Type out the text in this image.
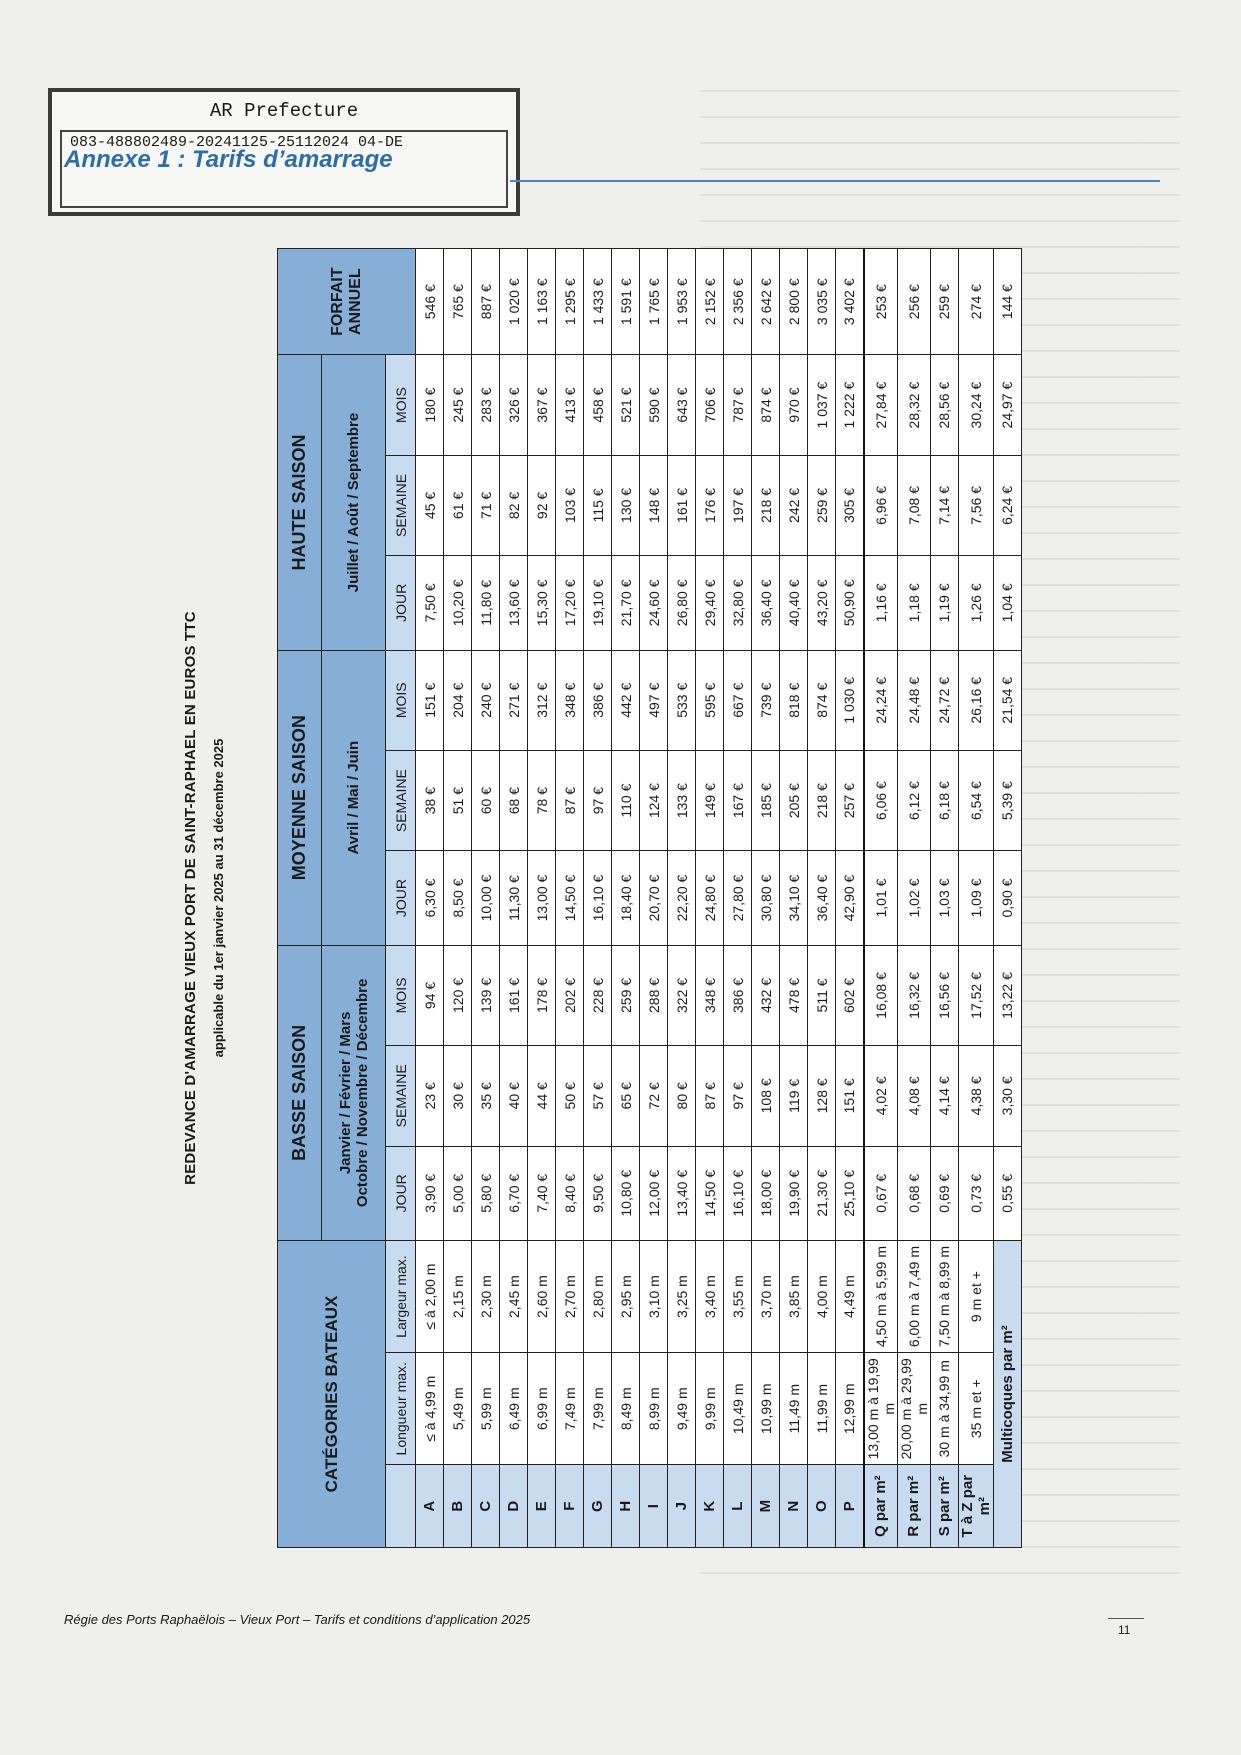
AR Prefecture
083-488802489-20241125-25112024 04-DE
Annexe 1 : Tarifs d’amarrage
REDEVANCE D'AMARRAGE VIEUX PORT DE SAINT-RAPHAEL EN EUROS TTC applicable du 1er janvier 2025 au 31 décembre 2025
CATÉGORIES BATEAUX			BASSE SAISON			MOYENNE SAISON			HAUTE SAISON			FORFAIT ANNUEL

			Janvier / Février / Mars Octobre / Novembre / Décembre			Avril / Mai / Juin			Juillet / Août / Septembre			
	Longueur max.	Largeur max.	JOUR	SEMAINE	MOIS	JOUR	SEMAINE	MOIS	JOUR	SEMAINE	MOIS	
A	≤ à 4,99 m	≤ à 2,00 m	3,90 €	23 €	94 €	6,30 €	38 €	151 €	7,50 €	45 €	180 €	546 €
B	5,49 m	2,15 m	5,00 €	30 €	120 €	8,50 €	51 €	204 €	10,20 €	61 €	245 €	765 €
C	5,99 m	2,30 m	5,80 €	35 €	139 €	10,00 €	60 €	240 €	11,80 €	71 €	283 €	887 €
D	6,49 m	2,45 m	6,70 €	40 €	161 €	11,30 €	68 €	271 €	13,60 €	82 €	326 €	1 020 €
E	6,99 m	2,60 m	7,40 €	44 €	178 €	13,00 €	78 €	312 €	15,30 €	92 €	367 €	1 163 €
F	7,49 m	2,70 m	8,40 €	50 €	202 €	14,50 €	87 €	348 €	17,20 €	103 €	413 €	1 295 €
G	7,99 m	2,80 m	9,50 €	57 €	228 €	16,10 €	97 €	386 €	19,10 €	115 €	458 €	1 433 €
H	8,49 m	2,95 m	10,80 €	65 €	259 €	18,40 €	110 €	442 €	21,70 €	130 €	521 €	1 591 €
I	8,99 m	3,10 m	12,00 €	72 €	288 €	20,70 €	124 €	497 €	24,60 €	148 €	590 €	1 765 €
J	9,49 m	3,25 m	13,40 €	80 €	322 €	22,20 €	133 €	533 €	26,80 €	161 €	643 €	1 953 €
K	9,99 m	3,40 m	14,50 €	87 €	348 €	24,80 €	149 €	595 €	29,40 €	176 €	706 €	2 152 €
L	10,49 m	3,55 m	16,10 €	97 €	386 €	27,80 €	167 €	667 €	32,80 €	197 €	787 €	2 356 €
M	10,99 m	3,70 m	18,00 €	108 €	432 €	30,80 €	185 €	739 €	36,40 €	218 €	874 €	2 642 €
N	11,49 m	3,85 m	19,90 €	119 €	478 €	34,10 €	205 €	818 €	40,40 €	242 €	970 €	2 800 €
O	11,99 m	4,00 m	21,30 €	128 €	511 €	36,40 €	218 €	874 €	43,20 €	259 €	1 037 €	3 035 €
P	12,99 m	4,49 m	25,10 €	151 €	602 €	42,90 €	257 €	1 030 €	50,90 €	305 €	1 222 €	3 402 €
Q par m²	13,00 m à 19,99 m	4,50 m à 5,99 m	0,67 €	4,02 €	16,08 €	1,01 €	6,06 €	24,24 €	1,16 €	6,96 €	27,84 €	253 €
R par m²	20,00 m à 29,99 m	6,00 m à 7,49 m	0,68 €	4,08 €	16,32 €	1,02 €	6,12 €	24,48 €	1,18 €	7,08 €	28,32 €	256 €
S par m²	30 m à 34,99 m	7,50 m à 8,99 m	0,69 €	4,14 €	16,56 €	1,03 €	6,18 €	24,72 €	1,19 €	7,14 €	28,56 €	259 €
T à Z par m²	35 m et +	9 m et +	0,73 €	4,38 €	17,52 €	1,09 €	6,54 €	26,16 €	1,26 €	7,56 €	30,24 €	274 €
Multicoques par m²			0,55 €	3,30 €	13,22 €	0,90 €	5,39 €	21,54 €	1,04 €	6,24 €	24,97 €	144 €
Régie des Ports Raphaëlois – Vieux Port – Tarifs et conditions d’application 2025
11
